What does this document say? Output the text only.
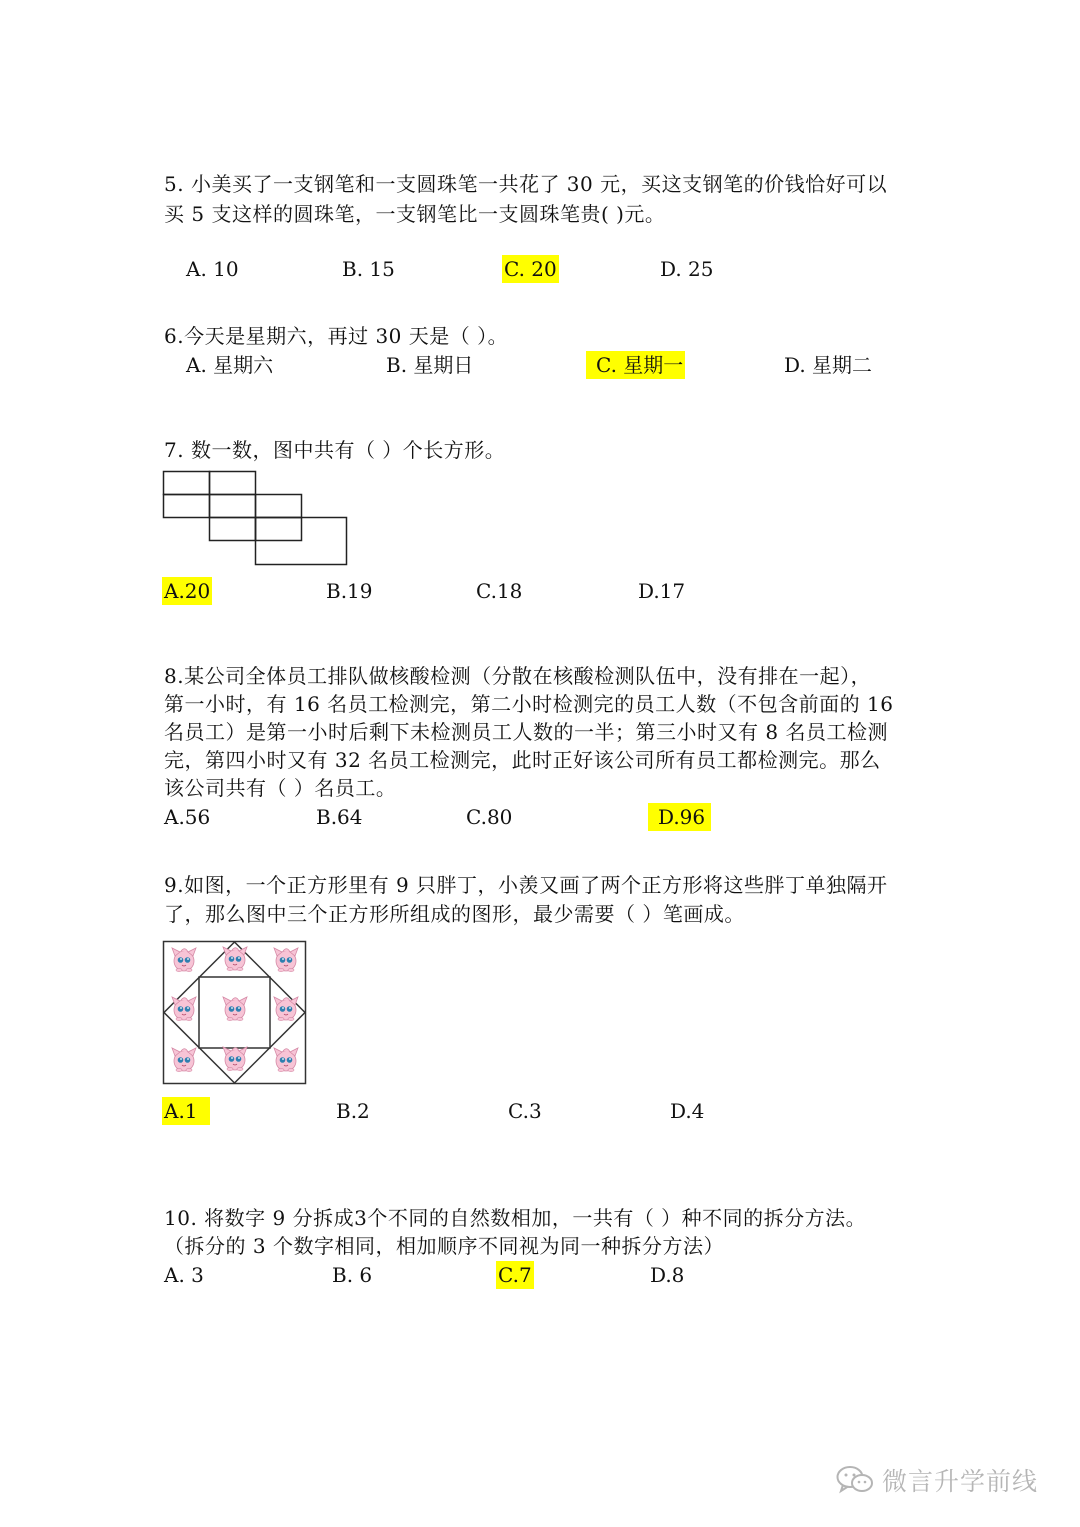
5. 小美买了一支钢笔和一支圆珠笔一共花了 30 元，买这支钢笔的价钱恰好可以
买 5 支这样的圆珠笔，一支钢笔比一支圆珠笔贵( )元。
A. 10	B. 15	C. 20	D. 25
6.今天是星期六，再过 30 天是（ ）。
A. 星期六	B. 星期日	C. 星期一	D. 星期二
7. 数一数，图中共有（ ）个长方形。
A.20	B.19	C.18	D.17
8.某公司全体员工排队做核酸检测（分散在核酸检测队伍中，没有排在一起），
第一小时，有 16 名员工检测完，第二小时检测完的员工人数（不包含前面的 16
名员工）是第一小时后剩下未检测员工人数的一半；第三小时又有 8 名员工检测
完，第四小时又有 32 名员工检测完，此时正好该公司所有员工都检测完。那么
该公司共有（ ）名员工。
A.56	B.64	C.80	D.96
9.如图，一个正方形里有 9 只胖丁，小羡又画了两个正方形将这些胖丁单独隔开
了，那么图中三个正方形所组成的图形，最少需要（ ）笔画成。
A.1	B.2	C.3	D.4
10. 将数字 9 分拆成3个不同的自然数相加，一共有（ ）种不同的拆分方法。
（拆分的 3 个数字相同，相加顺序不同视为同一种拆分方法）
A. 3	B. 6	C.7	D.8
微言升学前线
